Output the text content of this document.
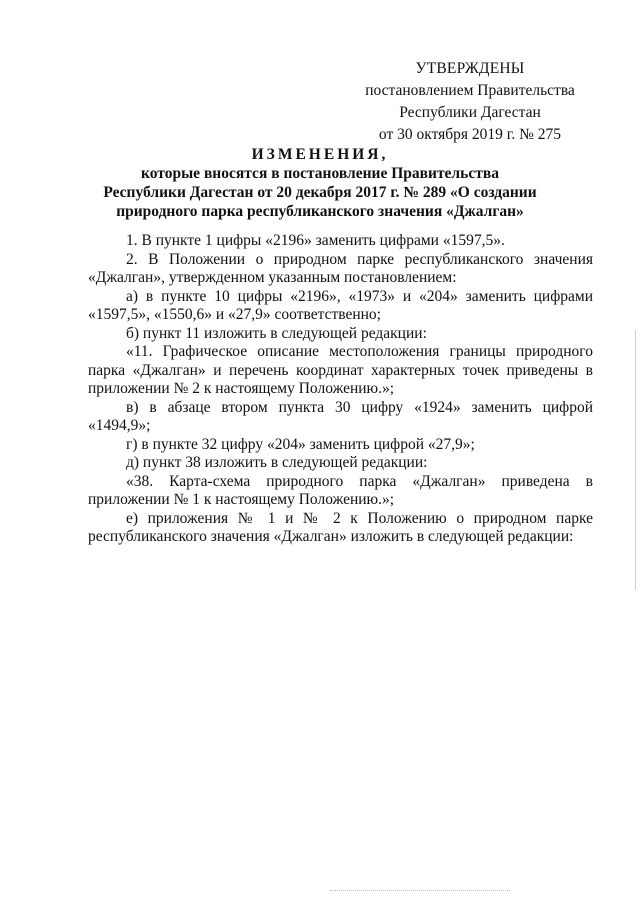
УТВЕРЖДЕНЫ
постановлением Правительства
Республики Дагестан
от 30 октября 2019 г. № 275
ИЗМЕНЕНИЯ,
которые вносятся в постановление Правительства
Республики Дагестан от 20 декабря 2017 г. № 289 «О создании
природного парка республиканского значения «Джалган»

1. В пункте 1 цифры «2196» заменить цифрами «1597,5».

2. В Положении о природном парке республиканского значения «Джалган», утвержденном указанным постановлением:

а) в пункте 10 цифры «2196», «1973» и «204» заменить цифрами «1597,5», «1550,6» и «27,9» соответственно;

б) пункт 11 изложить в следующей редакции:

«11. Графическое описание местоположения границы природного парка «Джалган» и перечень координат характерных точек приведены в приложении № 2 к настоящему Положению.»;

в) в абзаце втором пункта 30 цифру «1924» заменить цифрой «1494,9»;

г) в пункте 32 цифру «204» заменить цифрой «27,9»;

д) пункт 38 изложить в следующей редакции:

«38. Карта-схема природного парка «Джалган» приведена в приложении № 1 к настоящему Положению.»;

е) приложения № 1 и № 2 к Положению о природном парке республиканского значения «Джалган» изложить в следующей редакции:
